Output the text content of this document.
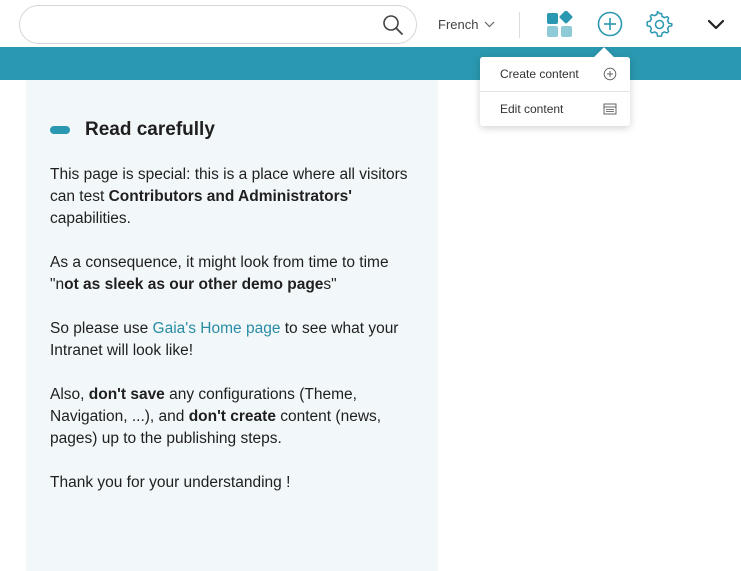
French
Read carefully

This page is special: this is a place where all visitors can test Contributors and Administrators' capabilities.

As a consequence, it might look from time to time "not as sleek as our other demo pages"

So please use Gaia's Home page to see what your Intranet will look like!

Also, don't save any configurations (Theme, Navigation, ...), and don't create content (news, pages) up to the publishing steps.

Thank you for your understanding !

Create content
Edit content
